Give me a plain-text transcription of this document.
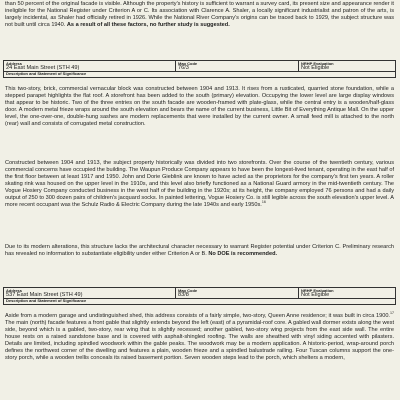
than 50 percent of the original facade is visible. Although the property's history is sufficient to warrant a survey card, its present size and appearance render it ineligible for the National Register under Criterion A or C. Its association with Clarence A. Shaler, a locally significant industrialist and patron of the arts, is largely incidental, as Shaler had officially retired in 1926. While the National River Company's origins can be traced back to 1929, the subject structure was not built until circa 1940. As a result of all these factors, no further study is suggested.

Address
24 East Main Street (STH 49)
Map Code
76/3
NRHP Evaluation
Not Eligible
Description and Statement of Significance

This two-story, brick, commercial vernacular block was constructed between 1904 and 1913. It rises from a rusticated, quarried stone foundation, while a stepped parapet highlights the flat roof. A storefront has been added to the south (primary) elevation. Occupying the lower level are large display windows that appear to be historic. Two of the three entries on the south facade are wooden-framed with plate-glass, while the central entry is a wooden/half-glass door. A modern metal frieze wraps around the south elevation and bears the name of the current business, Little Bit of Everything Antique Mall. On the upper level, the one-over-one, double-hung sashes are modern replacements that were installed by the current owner. A small feed mill is attached to the north (rear) wall and consists of corrugated metal construction.

Constructed between 1904 and 1913, the subject property historically was divided into two storefronts. Over the course of the twentieth century, various commercial concerns have occupied the building. The Waupun Produce Company appears to have been the longest-lived tenant, operating in the east half of the first floor between at least 1917 and 1950. John and Dorie Gieblink are known to have acted as the proprietors for the company's first ten years. A roller skating rink was housed on the upper level in the 1910s, and this level also briefly functioned as a National Guard armory in the mid-twentieth century. The Vogue Hosiery Company conducted business in the west half of the building in the 1920s; at its height, the company employed 76 persons and had a daily output of 250 to 300 dozen pairs of children's jacquard socks. In painted lettering, Vogue Hosiery Co. is still legible across the south elevation's upper level. A more recent occupant was the Schulz Radio & Electric Company during the late 1940s and early 1950s.$^{16}$

Due to its modern alterations, this structure lacks the architectural character necessary to warrant Register potential under Criterion C. Preliminary research has revealed no information to substantiate eligibility under either Criterion A or B. No DOE is recommended.

Address
537 East Main Street (STH 49)
Map Code
83/8
NRHP Evaluation
Not Eligible
Description and Statement of Significance

Aside from a modern garage and undistinguished shed, this address consists of a fairly simple, two-story, Queen Anne residence; it was built in circa 1900.17 The main (north) facade features a front gable that slightly extends beyond the left (east) of a pyramidal-roof core. A gabled wall dormer exists along the west side, beyond which is a gabled, two-story, rear wing that is slightly recessed; another gabled, two-story wing projects from the east side wall. The entire house rests on a raised sandstone base and is covered with asphalt-shingled roofing. The walls are sheathed with vinyl siding accented with pilasters. Details are limited, including spindled woodwork within the gable peaks. The woodwork may be a modern application. A historic-period, wrap-around porch defines the northwest corner of the dwelling and features a plain, wooden frieze and a spindled balustrade railing. Four Tuscan columns support the one-story porch, while a wooden trellis conceals its raised basement portion. Seven wooden steps lead to the porch, which shelters a modern,
